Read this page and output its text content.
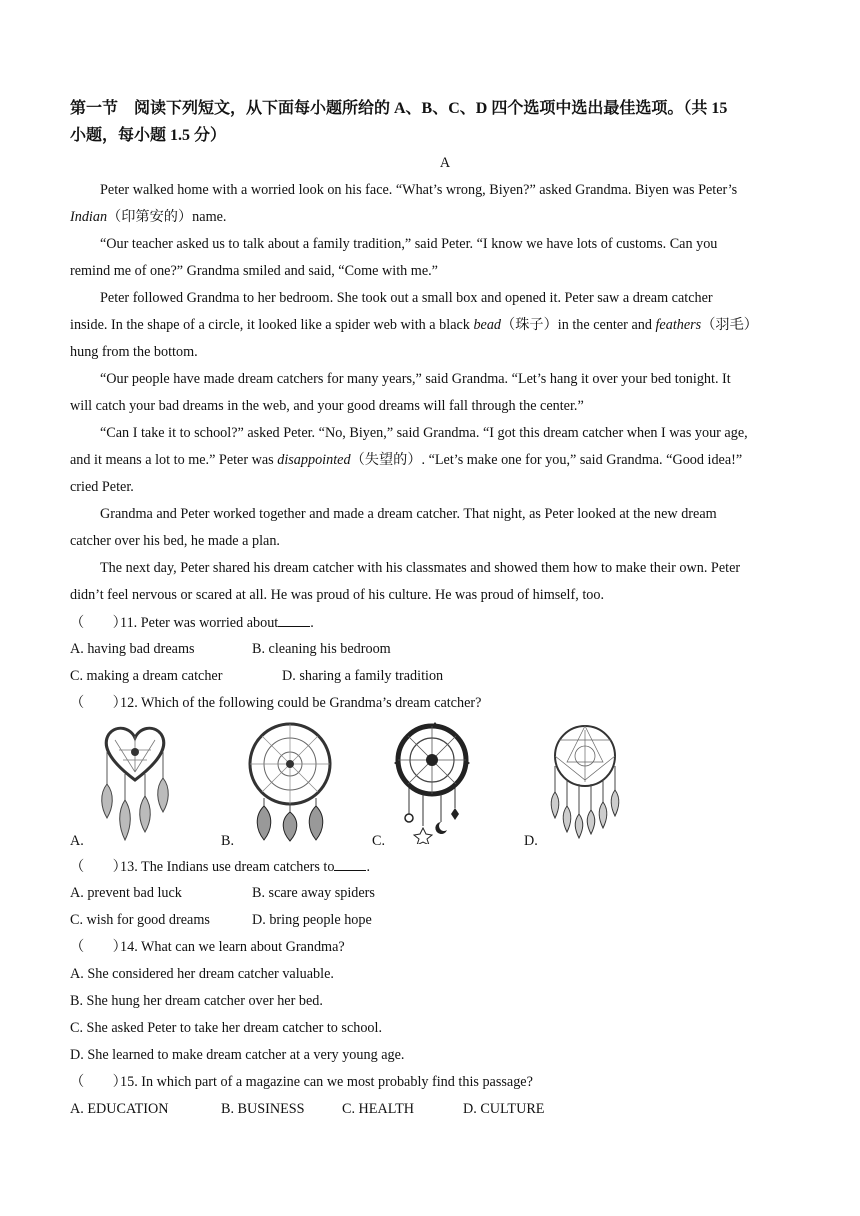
第一节　阅读下列短文，从下面每小题所给的 A、B、C、D 四个选项中选出最佳选项。（共 15
小题，每小题 1.5 分）
A
Peter walked home with a worried look on his face. “What’s wrong, Biyen?” asked Grandma. Biyen was Peter’s
Indian（印第安的）name.
“Our teacher asked us to talk about a family tradition,” said Peter. “I know we have lots of customs. Can you
remind me of one?” Grandma smiled and said, “Come with me.”
Peter followed Grandma to her bedroom. She took out a small box and opened it. Peter saw a dream catcher
inside. In the shape of a circle, it looked like a spider web with a black bead（珠子）in the center and feathers（羽毛）
hung from the bottom.
“Our people have made dream catchers for many years,” said Grandma. “Let’s hang it over your bed tonight. It
will catch your bad dreams in the web, and your good dreams will fall through the center.”
“Can I take it to school?” asked Peter. “No, Biyen,” said Grandma. “I got this dream catcher when I was your age,
and it means a lot to me.” Peter was disappointed（失望的）. “Let’s make one for you,” said Grandma. “Good idea!”
cried Peter.
Grandma and Peter worked together and made a dream catcher. That night, as Peter looked at the new dream
catcher over his bed, he made a plan.
The next day, Peter shared his dream catcher with his classmates and showed them how to make their own. Peter
didn’t feel nervous or scared at all. He was proud of his culture. He was proud of himself, too.
（　　）11. Peter was worried about .
A. having bad dreams	B. cleaning his bedroom
C. making a dream catcher	D. sharing a family tradition
（　　）12. Which of the following could be Grandma’s dream catcher?
A.	B.	C.	D.
（　　）13. The Indians use dream catchers to .
A. prevent bad luck	B. scare away spiders
C. wish for good dreams	D. bring people hope
（　　）14. What can we learn about Grandma?
A. She considered her dream catcher valuable.
B. She hung her dream catcher over her bed.
C. She asked Peter to take her dream catcher to school.
D. She learned to make dream catcher at a very young age.
（　　）15. In which part of a magazine can we most probably find this passage?
A. EDUCATION	B. BUSINESS	C. HEALTH	D. CULTURE
